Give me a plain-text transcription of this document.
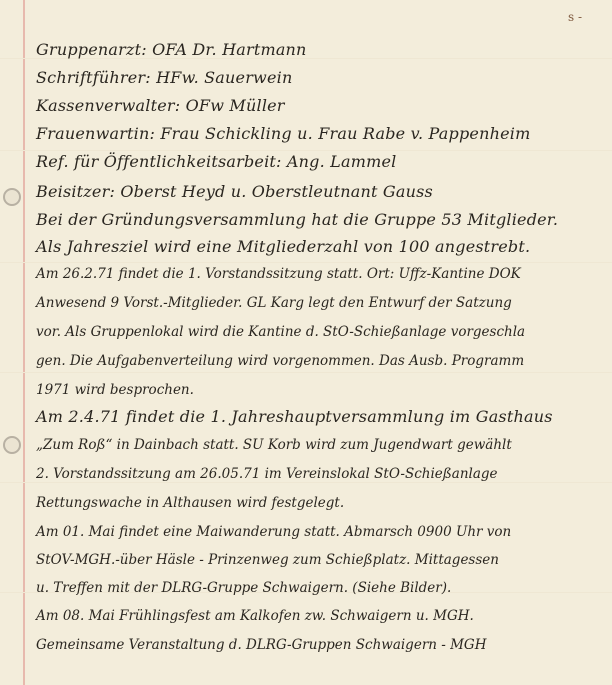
s -
Gruppenarzt: OFA Dr. Hartmann
Schriftführer: HFw. Sauerwein
Kassenverwalter: OFw Müller
Frauenwartin: Frau Schickling u. Frau Rabe v. Pappenheim
Ref. für Öffentlichkeitsarbeit: Ang. Lammel
Beisitzer: Oberst Heyd u. Oberstleutnant Gauss
Bei der Gründungsversammlung hat die Gruppe 53 Mitglieder.
Als Jahresziel wird eine Mitgliederzahl von 100 angestrebt.
Am 26.2.71 findet die 1. Vorstandssitzung statt. Ort: Uffz-Kantine DOK
Anwesend 9 Vorst.-Mitglieder. GL Karg legt den Entwurf der Satzung
vor. Als Gruppenlokal wird die Kantine d. StO-Schießanlage vorgeschla
gen. Die Aufgabenverteilung wird vorgenommen. Das Ausb. Programm
1971 wird besprochen.
Am 2.4.71 findet die 1. Jahreshauptversammlung im Gasthaus
„Zum Roß“ in Dainbach statt. SU Korb wird zum Jugendwart gewählt
2. Vorstandssitzung am 26.05.71 im Vereinslokal StO-Schießanlage
Rettungswache in Althausen wird festgelegt.
Am 01. Mai findet eine Maiwanderung statt. Abmarsch 0900 Uhr von
StOV-MGH.-über Häsle - Prinzenweg zum Schießplatz. Mittagessen
u. Treffen mit der DLRG-Gruppe Schwaigern. (Siehe Bilder).
Am 08. Mai Frühlingsfest am Kalkofen zw. Schwaigern u. MGH.
Gemeinsame Veranstaltung d. DLRG-Gruppen Schwaigern - MGH
